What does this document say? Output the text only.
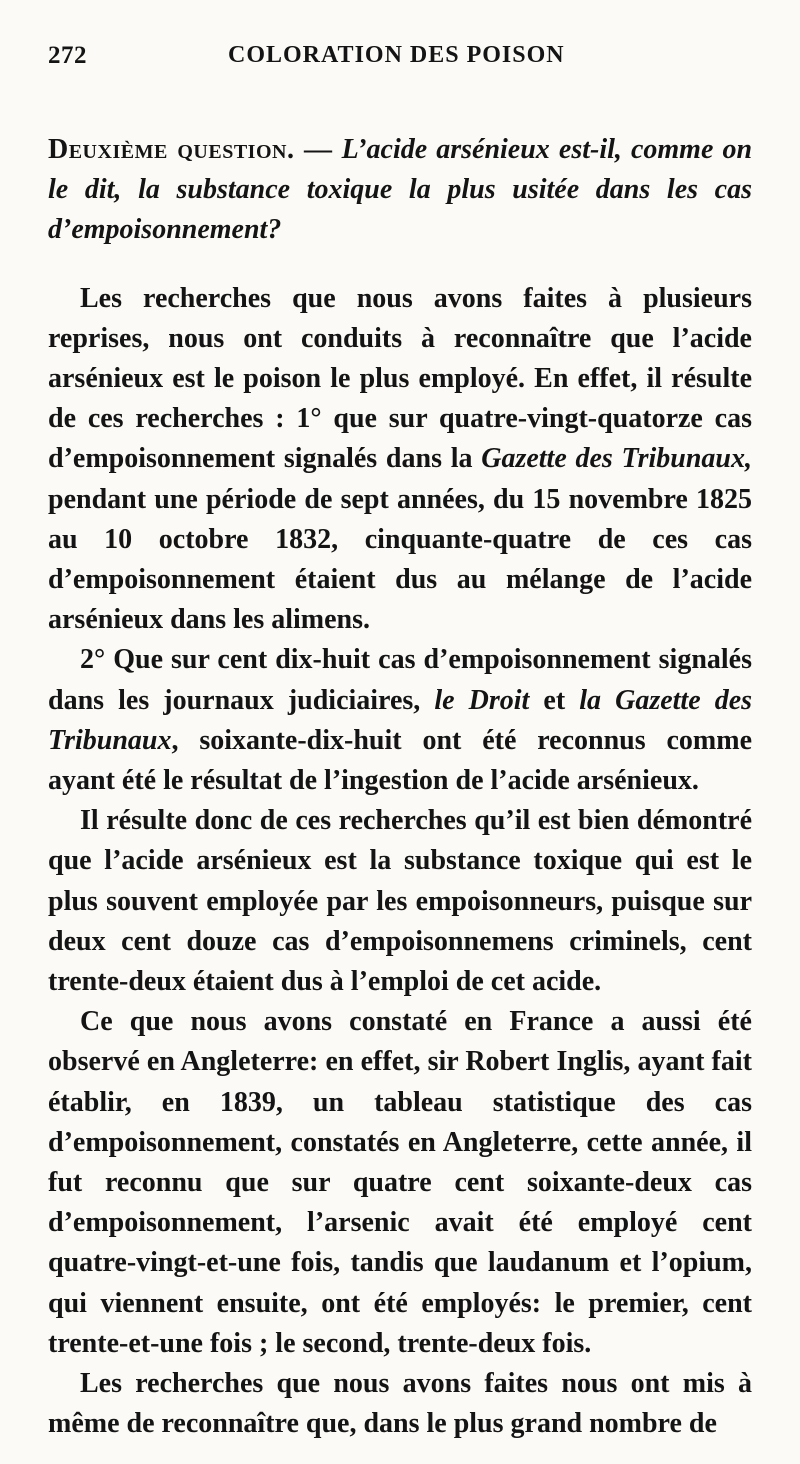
272	COLORATION DES POISON

Deuxième question. — L’acide arsénieux est-il, comme on le dit, la substance toxique la plus usitée dans les cas d’empoisonnement?

Les recherches que nous avons faites à plusieurs reprises, nous ont conduits à reconnaître que l’acide arsénieux est le poison le plus employé. En effet, il résulte de ces recherches : 1° que sur quatre-vingt-quatorze cas d’empoisonnement signalés dans la Gazette des Tribunaux, pendant une période de sept années, du 15 novembre 1825 au 10 octobre 1832, cinquante-quatre de ces cas d’empoisonnement étaient dus au mélange de l’acide arsénieux dans les alimens.

2° Que sur cent dix-huit cas d’empoisonnement signalés dans les journaux judiciaires, le Droit et la Gazette des Tribunaux, soixante-dix-huit ont été reconnus comme ayant été le résultat de l’ingestion de l’acide arsénieux.

Il résulte donc de ces recherches qu’il est bien démontré que l’acide arsénieux est la substance toxique qui est le plus souvent employée par les empoisonneurs, puisque sur deux cent douze cas d’empoisonnemens criminels, cent trente-deux étaient dus à l’emploi de cet acide.

Ce que nous avons constaté en France a aussi été observé en Angleterre: en effet, sir Robert Inglis, ayant fait établir, en 1839, un tableau statistique des cas d’empoisonnement, constatés en Angleterre, cette année, il fut reconnu que sur quatre cent soixante-deux cas d’empoisonnement, l’arsenic avait été employé cent quatre-vingt-et-une fois, tandis que laudanum et l’opium, qui viennent ensuite, ont été employés: le premier, cent trente-et-une fois ; le second, trente-deux fois.

Les recherches que nous avons faites nous ont mis à même de reconnaître que, dans le plus grand nombre de
